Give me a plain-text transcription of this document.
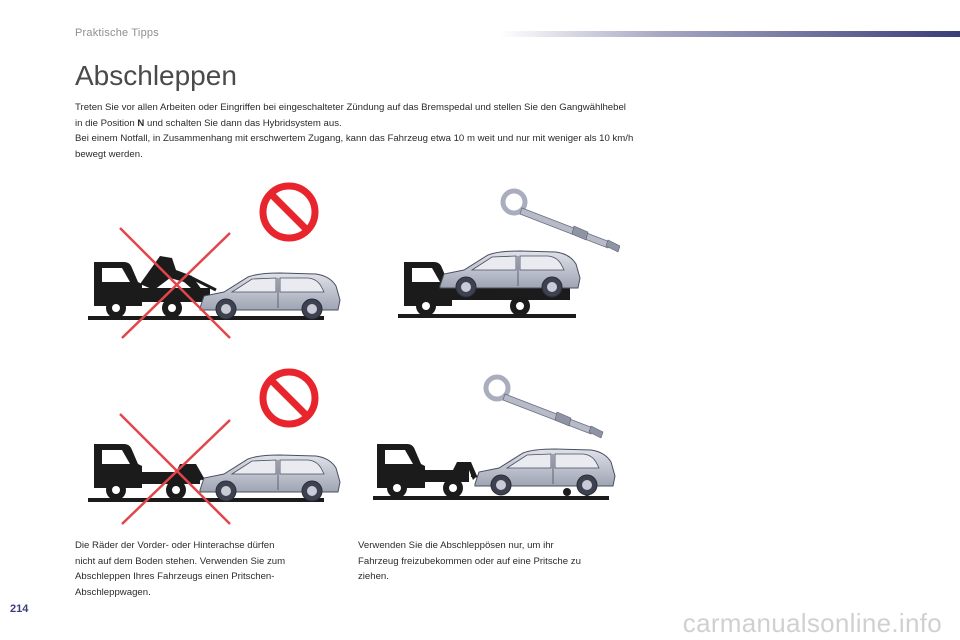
Praktische Tipps
Abschleppen

Treten Sie vor allen Arbeiten oder Eingriffen bei eingeschalteter Zündung auf das Bremspedal und stellen Sie den Gangwählhebel in die Position N und schalten Sie dann das Hybridsystem aus.

Bei einem Notfall, in Zusammenhang mit erschwertem Zugang, kann das Fahrzeug etwa 10 m weit und nur mit weniger als 10 km/h bewegt werden.

Die Räder der Vorder- oder Hinterachse dürfen
nicht auf dem Boden stehen. Verwenden Sie zum
Abschleppen Ihres Fahrzeugs einen Pritschen-
Abschleppwagen.
Verwenden Sie die Abschleppösen nur, um ihr
Fahrzeug freizubekommen oder auf eine Pritsche zu
ziehen.
214	carmanualsonline.info
